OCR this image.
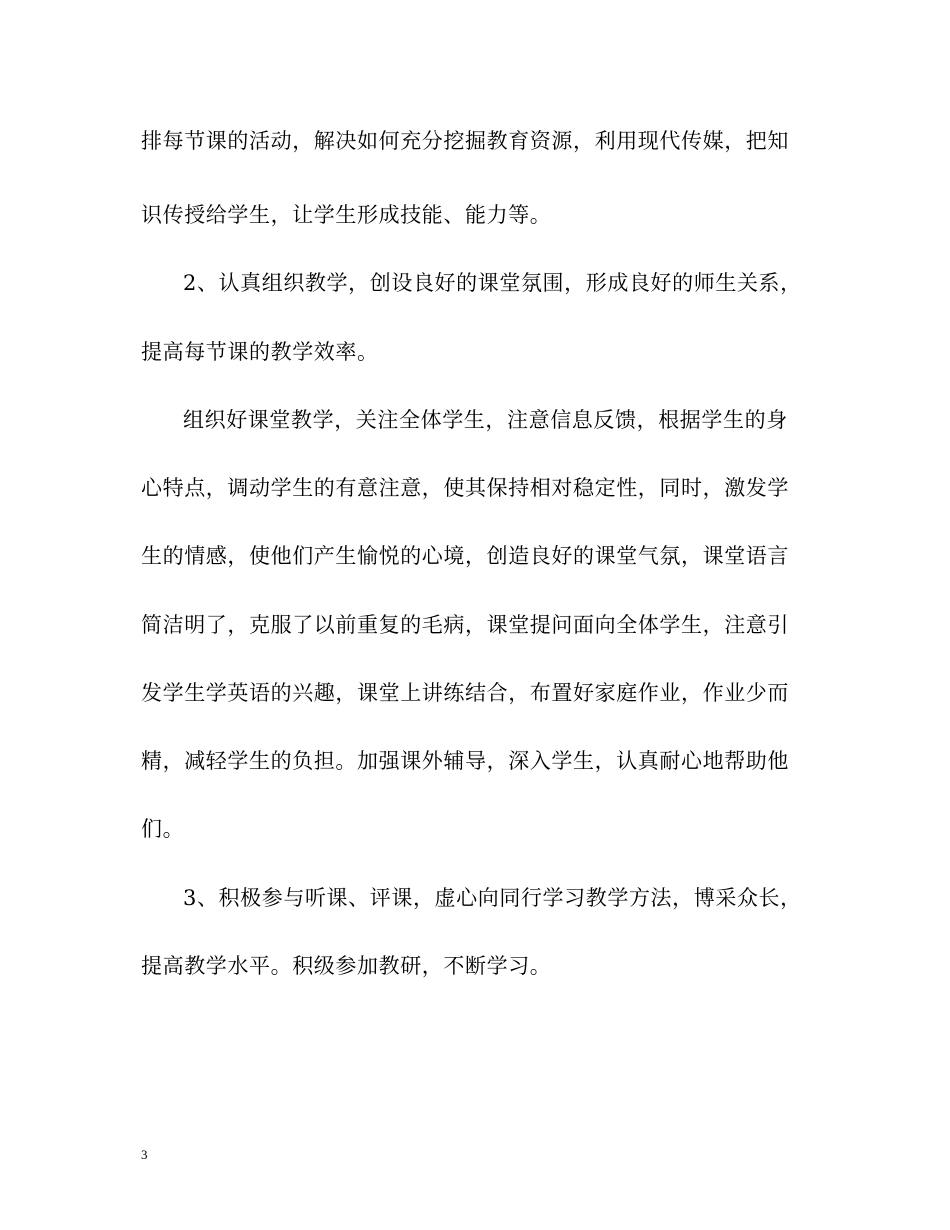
排每节课的活动，解决如何充分挖掘教育资源，利用现代传媒，把知
识传授给学生，让学生形成技能、能力等。
2、认真组织教学，创设良好的课堂氛围，形成良好的师生关系，
提高每节课的教学效率。
组织好课堂教学，关注全体学生，注意信息反馈，根据学生的身
心特点，调动学生的有意注意，使其保持相对稳定性，同时，激发学
生的情感，使他们产生愉悦的心境，创造良好的课堂气氛，课堂语言
简洁明了，克服了以前重复的毛病，课堂提问面向全体学生，注意引
发学生学英语的兴趣，课堂上讲练结合，布置好家庭作业，作业少而
精，减轻学生的负担。加强课外辅导，深入学生，认真耐心地帮助他
们。
3、积极参与听课、评课，虚心向同行学习教学方法，博采众长，
提高教学水平。积级参加教研，不断学习。
3
